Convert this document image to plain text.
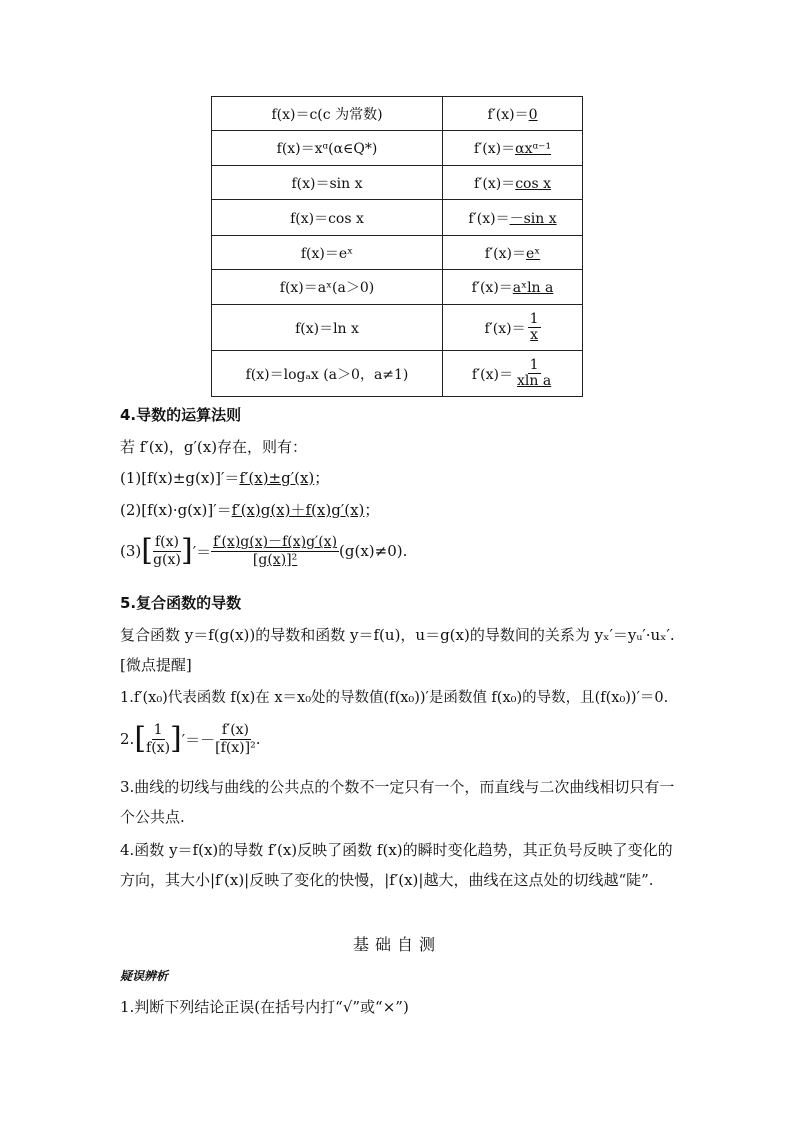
f(x)＝c(c 为常数)	f′(x)＝0
f(x)＝xᵅ(α∈Q*)	f′(x)＝αxᵅ⁻¹
f(x)＝sin x	f′(x)＝cos x
f(x)＝cos x	f′(x)＝－sin x
f(x)＝eˣ	f′(x)＝eˣ
f(x)＝aˣ(a＞0)	f′(x)＝aˣln a
f(x)＝ln x	$f'(x)= \frac{1}{x}$

f(x)＝logₐx (a＞0，a≠1)	$f'(x)= \frac{1}{\text{xln a}}$
4.导数的运算法则
若 f′(x)，g′(x)存在，则有：
(1)[f(x)±g(x)]′＝f′(x)±g′(x)；
(2)[f(x)·g(x)]′＝f′(x)g(x)＋f(x)g′(x)；
(3) [ f(x)
g(x) ] ′＝
f′(x)g(x)－f(x)g′(x)
[g(x)]²	(g(x)≠0).
5.复合函数的导数
复合函数 y＝f(g(x))的导数和函数 y＝f(u)，u＝g(x)的导数间的关系为 yₓ′＝yᵤ′·uₓ′.
[微点提醒]
1.f′(x₀)代表函数 f(x)在 x＝x₀处的导数值(f(x₀))′是函数值 f(x₀)的导数，且(f(x₀))′＝0.
2. [ 1
f(x) ] ′＝－
f′(x)
[f(x)]² .
3.曲线的切线与曲线的公共点的个数不一定只有一个，而直线与二次曲线相切只有一个公共点.
4.函数 y＝f(x)的导数 f′(x)反映了函数 f(x)的瞬时变化趋势，其正负号反映了变化的方向，其大小|f′(x)|反映了变化的快慢，|f′(x)|越大，曲线在这点处的切线越“陡”.
基础自测
疑误辨析
1.判断下列结论正误(在括号内打“√”或“×”)
